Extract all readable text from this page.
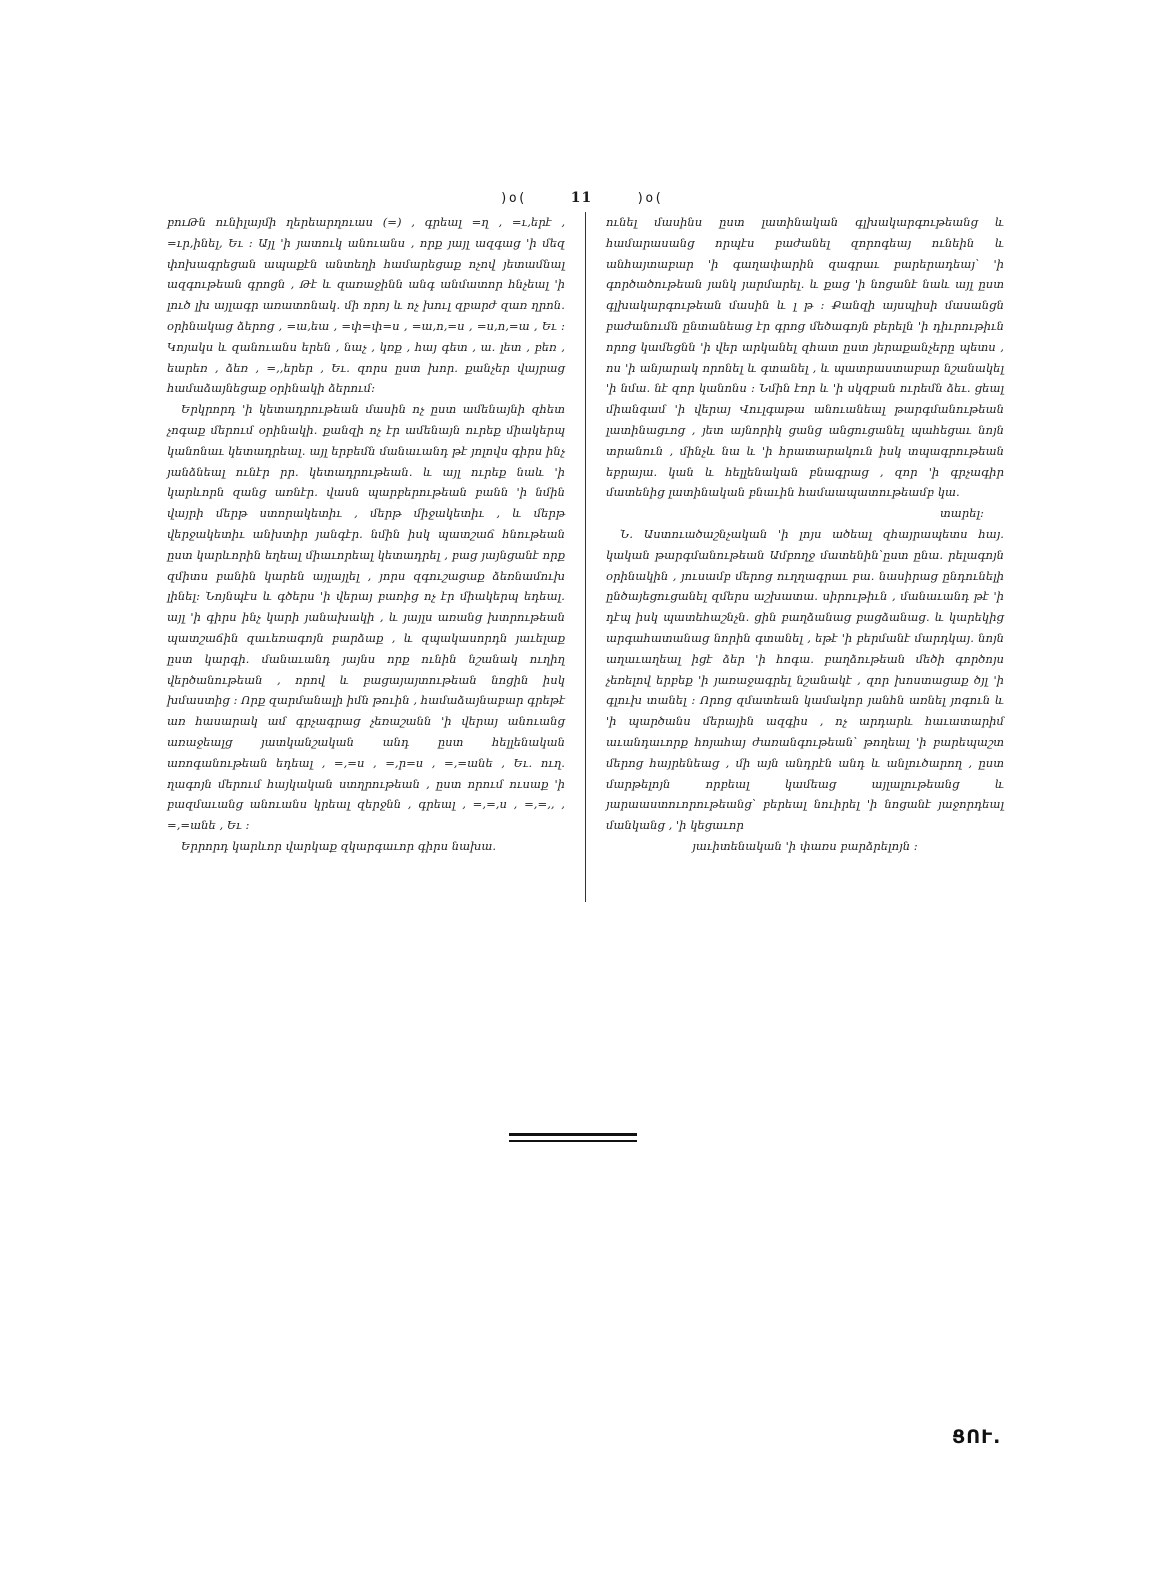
)o(	11	)o(

բուԹն ունիլայմի ղերեարղուաս (=) , գրեալ =ղ , =ւ,երէ , =ւր,ինել, Եւ ։ Այլ 'ի յատուկ անուանս , որք յայլ ազգաց 'ի մեզ փոխագրեցան ապաքէն անտեղի համարեցաք ոչով յետամնալ ազգութեան գրոցն , Թէ և զառաջինն անգ անմատոր հնչեալ 'ի լուծ լխ այլագր առատոնակ․ մի որոյ և ոչ խուլ զբարժ զառ ղրոն․ օրինակաց ձերոց , =ա,եա , =փ=փ=ս , =ա,ո,=ս , =ս,ո,=ա , Եւ ։ Կոյակս և զանուանս երեն , նաչ , կռք , հայ գետ , ա. լետ , բեռ , եարեռ , ձեռ , =,,երեր , Եւ․ զորս ըստ խոր. քանչեր վայրաց համաձայնեցաք օրինակի ձերում։

Երկրորդ 'ի կետադրութեան մասին ոչ ըստ ամենայնի զհետ չոգաք մերում օրինակի․ քանզի ոչ էր ամենայն ուրեք միակերպ կանոնաւ կետադրեալ․ այլ երբեմն մանաւանդ թէ յոլովս գիրս ինչ յանձնեալ ունէր րր. կետադրութեան․ և այլ ուրեք նաև 'ի կարևորն զանց առնէր․ վասն պարբերութեան բանն 'ի նմին վայրի մերթ ստորակետիւ , մերթ միջակետիւ , և մերթ վերջակետիւ անխտիր յանգէր․ նմին իսկ պատշաճ հնութեան ըստ կարևորին եղեալ միաւորեալ կետադրել , բաց յայնցանէ որք զմիտս բանին կարեն այլայլել , յորս զգուշացաք ձեռնամուխ լինել։ Նոյնպէս և գծերս 'ի վերայ բառից ոչ էր միակերպ եդեալ․ այլ 'ի գիրս ինչ կարի յանախակի , և յայլս առանց խտրութեան պատշաճին զաւեռագոյն բարձաք , և զպակասորդն յաւելաք ըստ կարգի․ մանաւանդ յայնս որք ունին նշանակ ուղիղ վերծանութեան , որով և բացայայտութեան նոցին իսկ խմաստից ։ Որք զարմանալի իմն թուին , համաձայնաբար գրեթէ առ հասարակ ամ գրչագրաց չեռաշանն 'ի վերայ անուանց առաջեալց յատկանշական անդ ըստ հելլենական առոգանութեան եդեալ , =,=ս , =,ր=ս , =,=անե , Եւ․ ուղ. ղագոյն մերում հայկական ստղրութեան , ըստ որում ուսաք 'ի բազմաւանց անուանս կրեալ զերջնն , գրեալ , =,=,ս , =,=,, , =,=անե , Եւ ։

Երրորդ կարևոր վարկաք զկարգաւոր գիրս նախա.

ունել մասինս ըստ լատինական գլխակարգութեանց և համարասանց որպէս բաժանել զորոգեայ ունեին և անհայտաբար 'ի գաղափարին զագրաւ բարերադեայ՝ 'ի գործածութեան յանկ յարմարել․ և քաց 'ի նոցանէ նաև այլ ըստ գլխակարգութեան մասին և լ թ ։ Քանզի այսպիսի մասանցն բաժանումն ընտանեաց էր գրոց մեծագոյն բերելն 'ի դիւրութիւն որոց կամեցնն 'ի վեր արկանել զհատ ըստ յերաքանչերը պետս , ոս 'ի անյարակ որոնել և գտանել , և պատրաստաբար նշանակել 'ի նմա. նէ զոր կանոնս ։ Նմին էոր և 'ի սկզբան ուրեմն ձեւ. ցեալ միանգամ 'ի վերայ Վուլգաթա անուանեալ թարգմանութեան լատինացւոց , յետ այնորիկ ցանց անցուցանել պահեցաւ նոյն տրանուն , մինչև նա և 'ի հրատարակուն իսկ տպագրութեան եբրայա. կան և հելլենական բնագրաց , զոր 'ի գրչագիր մատենից լատինական բնաւին համաապատութեամբ կա.

տարել։

Ն․ Աստուածաշնչական 'ի լոյս ածեալ զհայրապետս հայ. կական թարգմանութեան Ամբողջ մատենին՝ըստ ընա. րելագոյն օրինակին , յուսամբ մերոց ուղղագրաւ բա. նասիրաց ընդունելի ընծայեցուցանել զմերս աշխատա. սիրութիւն , մանաւանդ թէ 'ի դէպ իսկ պատեհաշնչն. ցին բաղձանաց բացձանաց․ և կարեկից արգահատանաց նորին գտանել , եթէ 'ի բերմանէ մարդկայ. նոյն աղաւաղեալ իցէ ձեր 'ի հոգա. բաղձութեան մեծի գործոյս չեռելով երբեք 'ի յառաջագրել նշանակէ , զոր խոստացաք ծյլ 'ի գլուխ տանել ։ Որոց զմատեան կամակոր յանհն առնել յոգուն և 'ի պարծանս մերային ազգիս , ոչ արդարև հաւատարիմ աւանդաւորք հոյահայ ժառանգութեան՝ թողեալ 'ի բարեպաշտ մերոց հայրենեաց , մի այն անդրէն անդ և անլուծարող , ըստ մարթելոյն որբեալ կամեաց այլալութեանց և յարաաստուորութեանց՝ բերեալ նուիրել 'ի նոցանէ յաջորդեալ մանկանց , 'ի կեցաւոր

յաւիտենական 'ի փառս բարձրելոյն ։

ՑՈՒ.
